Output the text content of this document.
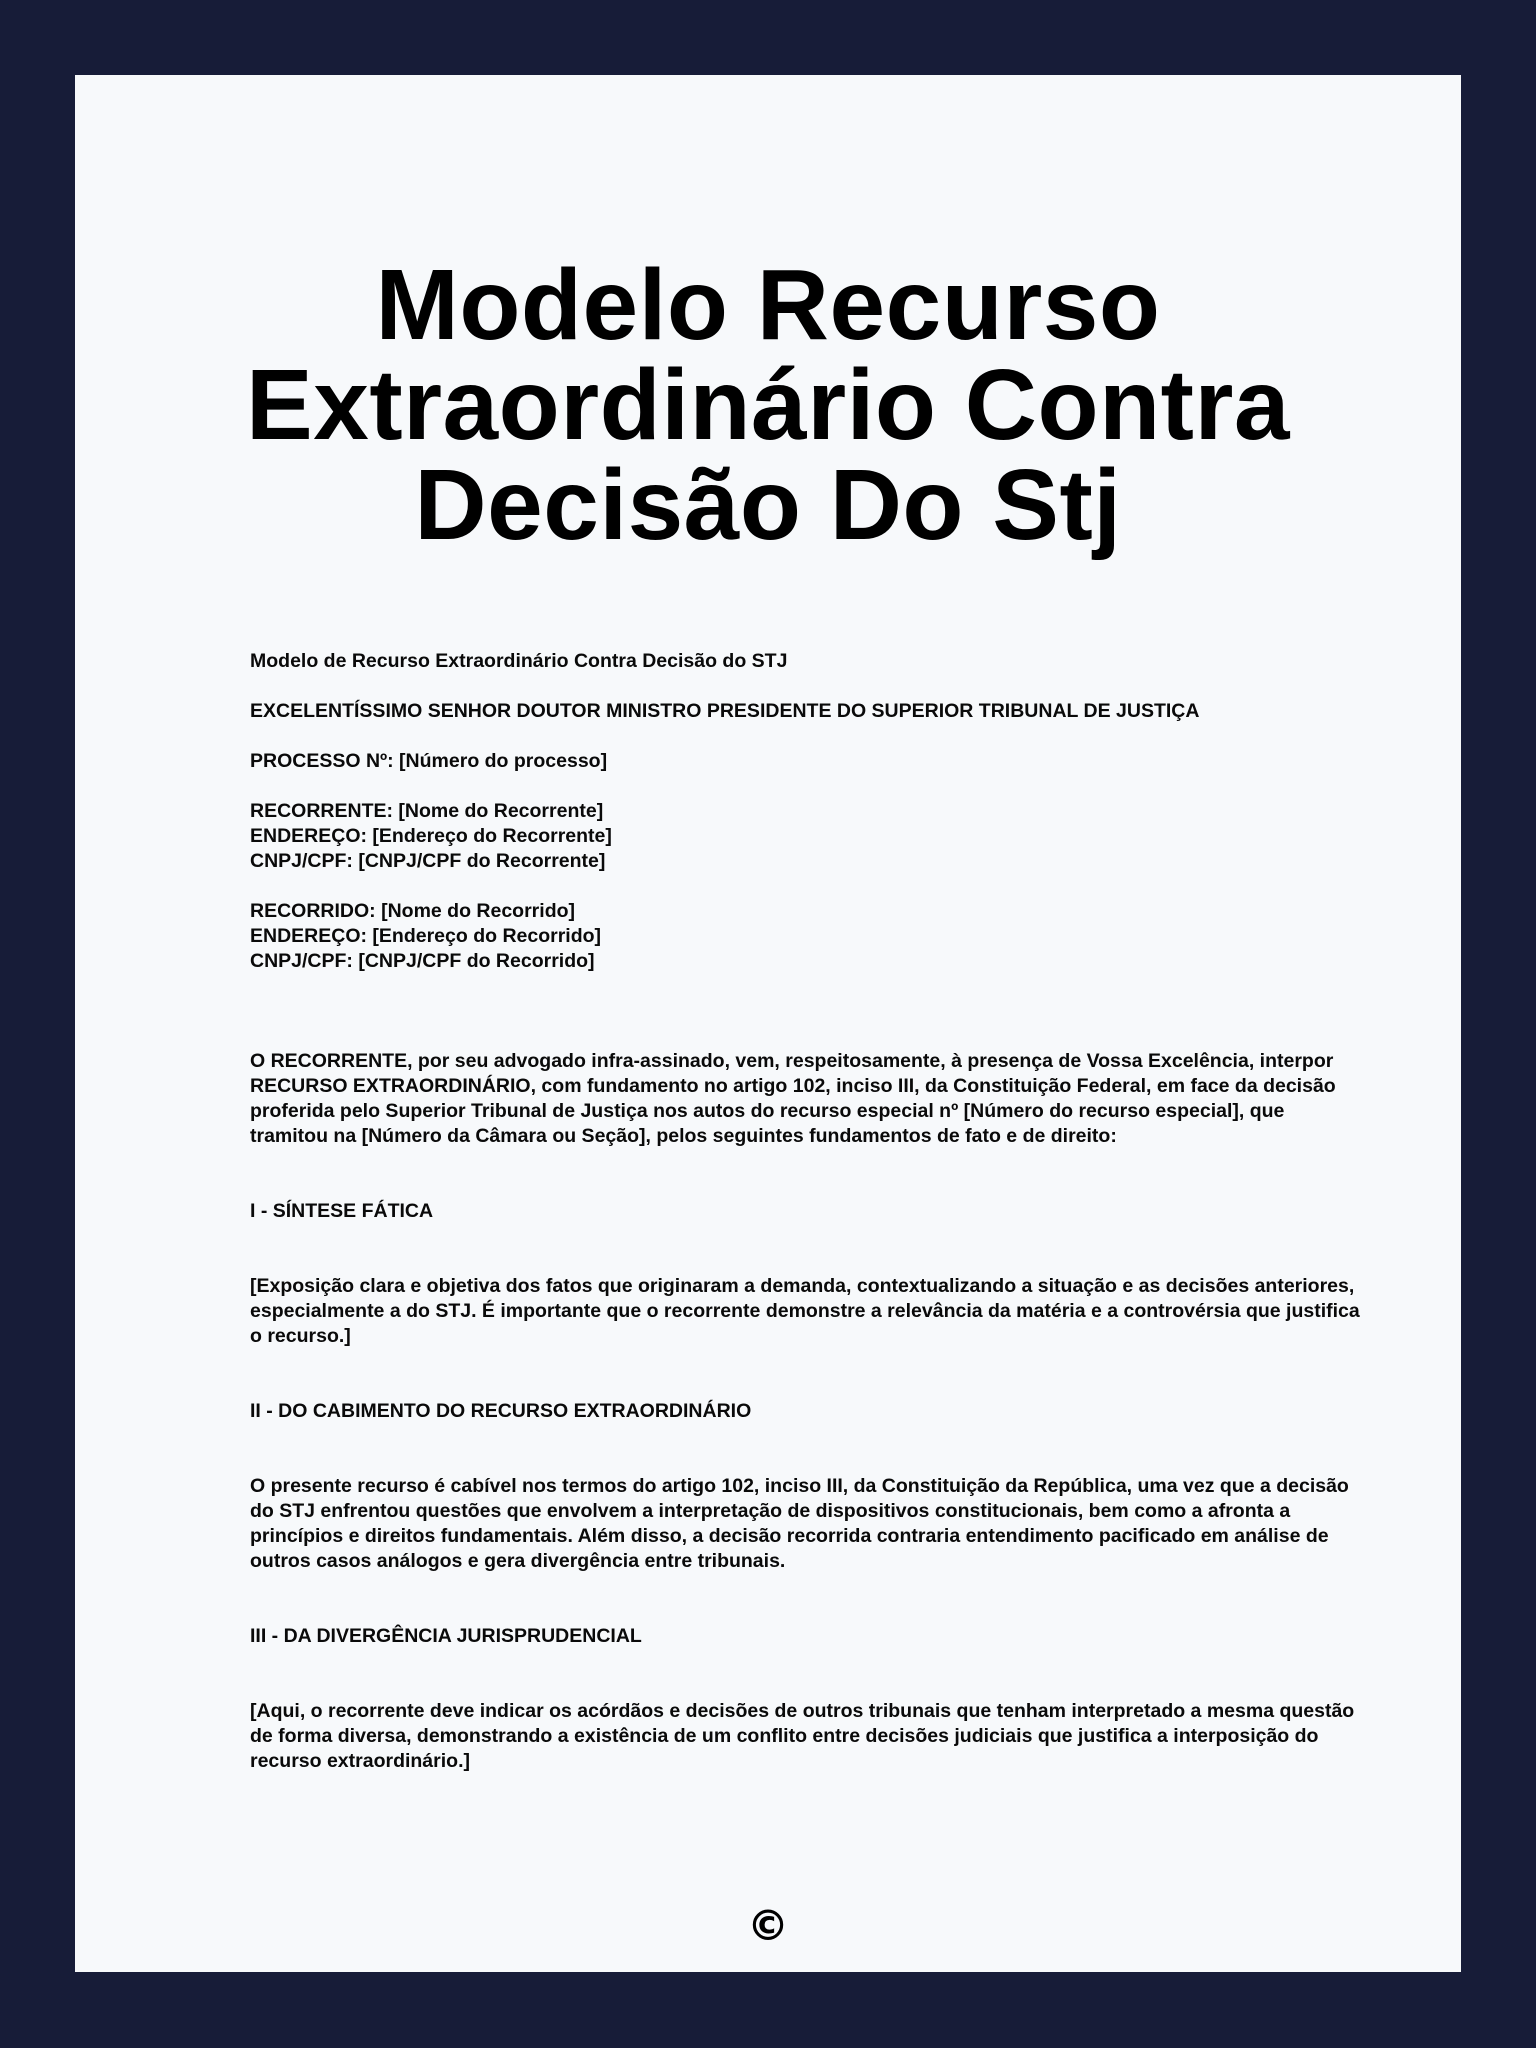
Modelo Recurso
Extraordinário Contra
Decisão Do Stj

Modelo de Recurso Extraordinário Contra Decisão do STJ

EXCELENTÍSSIMO SENHOR DOUTOR MINISTRO PRESIDENTE DO SUPERIOR TRIBUNAL DE JUSTIÇA

PROCESSO Nº: [Número do processo]

RECORRENTE: [Nome do Recorrente]

ENDEREÇO: [Endereço do Recorrente]

CNPJ/CPF: [CNPJ/CPF do Recorrente]

RECORRIDO: [Nome do Recorrido]

ENDEREÇO: [Endereço do Recorrido]

CNPJ/CPF: [CNPJ/CPF do Recorrido]

O RECORRENTE, por seu advogado infra-assinado, vem, respeitosamente, à presença de Vossa Excelência, interpor RECURSO EXTRAORDINÁRIO, com fundamento no artigo 102, inciso III, da Constituição Federal, em face da decisão proferida pelo Superior Tribunal de Justiça nos autos do recurso especial nº [Número do recurso especial], que tramitou na [Número da Câmara ou Seção], pelos seguintes fundamentos de fato e de direito:

I - SÍNTESE FÁTICA

[Exposição clara e objetiva dos fatos que originaram a demanda, contextualizando a situação e as decisões anteriores, especialmente a do STJ. É importante que o recorrente demonstre a relevância da matéria e a controvérsia que justifica o recurso.]

II - DO CABIMENTO DO RECURSO EXTRAORDINÁRIO

O presente recurso é cabível nos termos do artigo 102, inciso III, da Constituição da República, uma vez que a decisão do STJ enfrentou questões que envolvem a interpretação de dispositivos constitucionais, bem como a afronta a princípios e direitos fundamentais. Além disso, a decisão recorrida contraria entendimento pacificado em análise de outros casos análogos e gera divergência entre tribunais.

III - DA DIVERGÊNCIA JURISPRUDENCIAL

[Aqui, o recorrente deve indicar os acórdãos e decisões de outros tribunais que tenham interpretado a mesma questão de forma diversa, demonstrando a existência de um conflito entre decisões judiciais que justifica a interposição do recurso extraordinário.]

©
